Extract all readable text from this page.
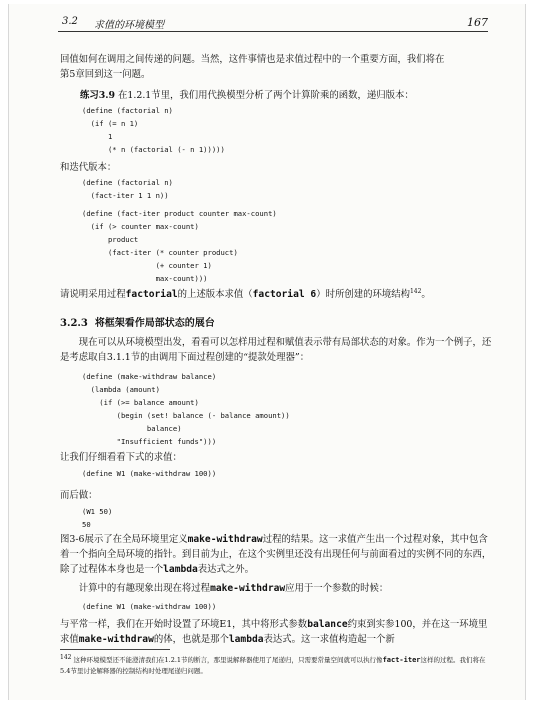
3.2 求值的环境模型	167
回值如何在调用之间传递的问题。当然，这件事情也是求值过程中的一个重要方面，我们将在
第5章回到这一问题。
练习3.9 在1.2.1节里，我们用代换模型分析了两个计算阶乘的函数，递归版本：
(define (factorial n)
(if (= n 1)
1
(* n (factorial (- n 1)))))
和迭代版本：
(define (factorial n)
(fact-iter 1 1 n))
(define (fact-iter product counter max-count)
(if (> counter max-count)
product
(fact-iter (* counter product)
(+ counter 1)
max-count)))
请说明采用过程factorial的上述版本求值（factorial 6）时所创建的环境结构$^{142}$。
3.2.3 将框架看作局部状态的展台
现在可以从环境模型出发，看看可以怎样用过程和赋值表示带有局部状态的对象。作为一个例子，还是考虑取自3.1.1节的由调用下面过程创建的“提款处理器”：
(define (make-withdraw balance)
(lambda (amount)
(if (>= balance amount)
(begin (set! balance (- balance amount))
balance)
"Insufficient funds")))
让我们仔细看看下式的求值：
(define W1 (make-withdraw 100))
而后做：
(W1 50)
50
图3-6展示了在全局环境里定义make-withdraw过程的结果。这一求值产生出一个过程对象，其中包含着一个指向全局环境的指针。到目前为止，在这个实例里还没有出现任何与前面看过的实例不同的东西，除了过程体本身也是一个lambda表达式之外。
计算中的有趣现象出现在将过程make-withdraw应用于一个参数的时候：
(define W1 (make-withdraw 100))
与平常一样，我们在开始时设置了环境E1，其中将形式参数balance约束到实参100，并在这一环境里求值make-withdraw的体，也就是那个lambda表达式。这一求值构造起一个新
$^{142}$ 这种环境模型还不能澄清我们在1.2.1节的断言，那里说解释器使用了尾递归，只需要常量空间就可以执行像fact-iter这样的过程。我们将在5.4节里讨论解释器的控制结构时处理尾递归问题。
